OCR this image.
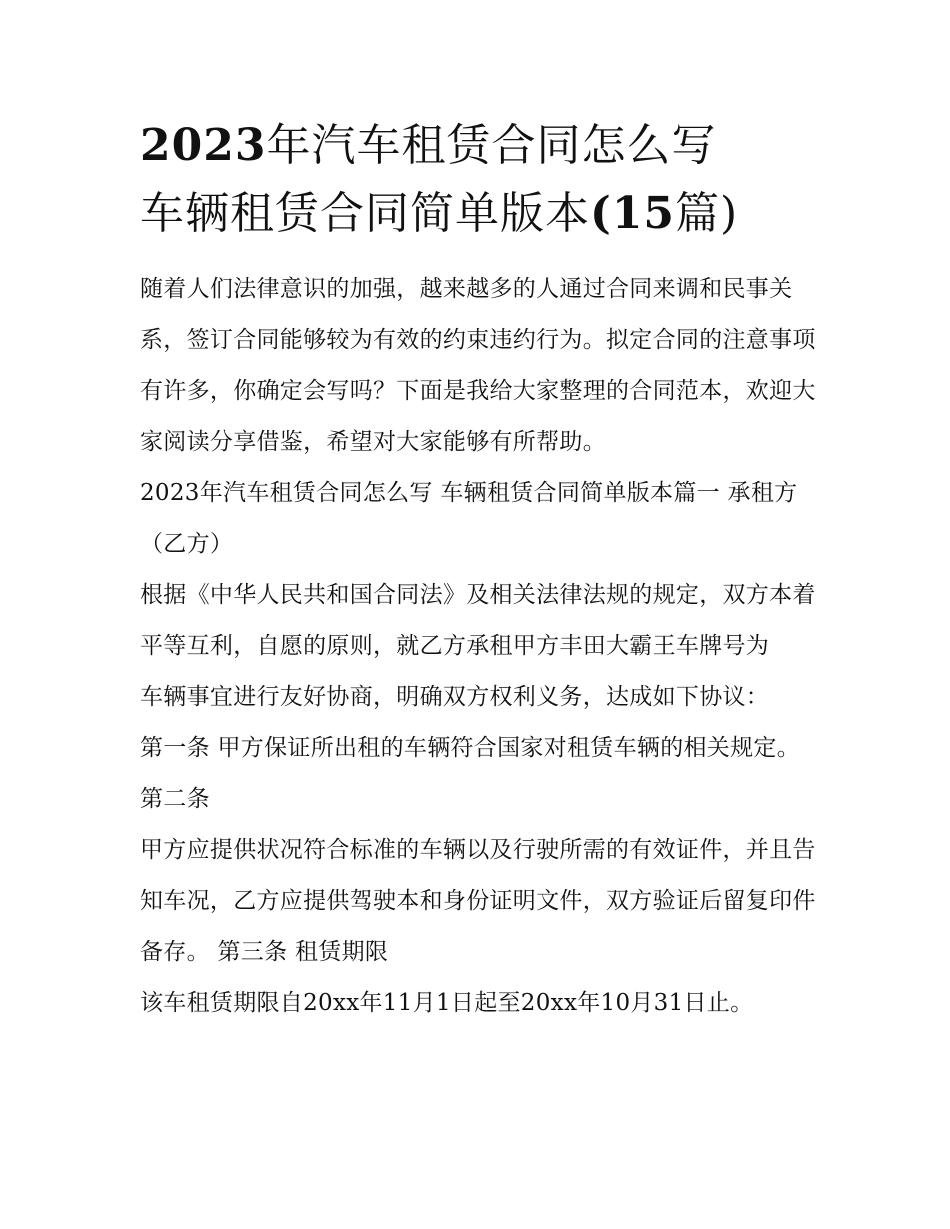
2023年汽车租赁合同怎么写
车辆租赁合同简单版本(15篇)

随着人们法律意识的加强，越来越多的人通过合同来调和民事关系，签订合同能够较为有效的约束违约行为。拟定合同的注意事项有许多，你确定会写吗？下面是我给大家整理的合同范本，欢迎大家阅读分享借鉴，希望对大家能够有所帮助。

2023年汽车租赁合同怎么写 车辆租赁合同简单版本篇一 承租方（乙方）

根据《中华人民共和国合同法》及相关法律法规的规定，双方本着平等互利，自愿的原则，就乙方承租甲方丰田大霸王车牌号为

车辆事宜进行友好协商，明确双方权利义务，达成如下协议：

第一条 甲方保证所出租的车辆符合国家对租赁车辆的相关规定。 第二条

甲方应提供状况符合标准的车辆以及行驶所需的有效证件，并且告知车况，乙方应提供驾驶本和身份证明文件，双方验证后留复印件备存。 第三条 租赁期限

该车租赁期限自20xx年11月1日起至20xx年10月31日止。
